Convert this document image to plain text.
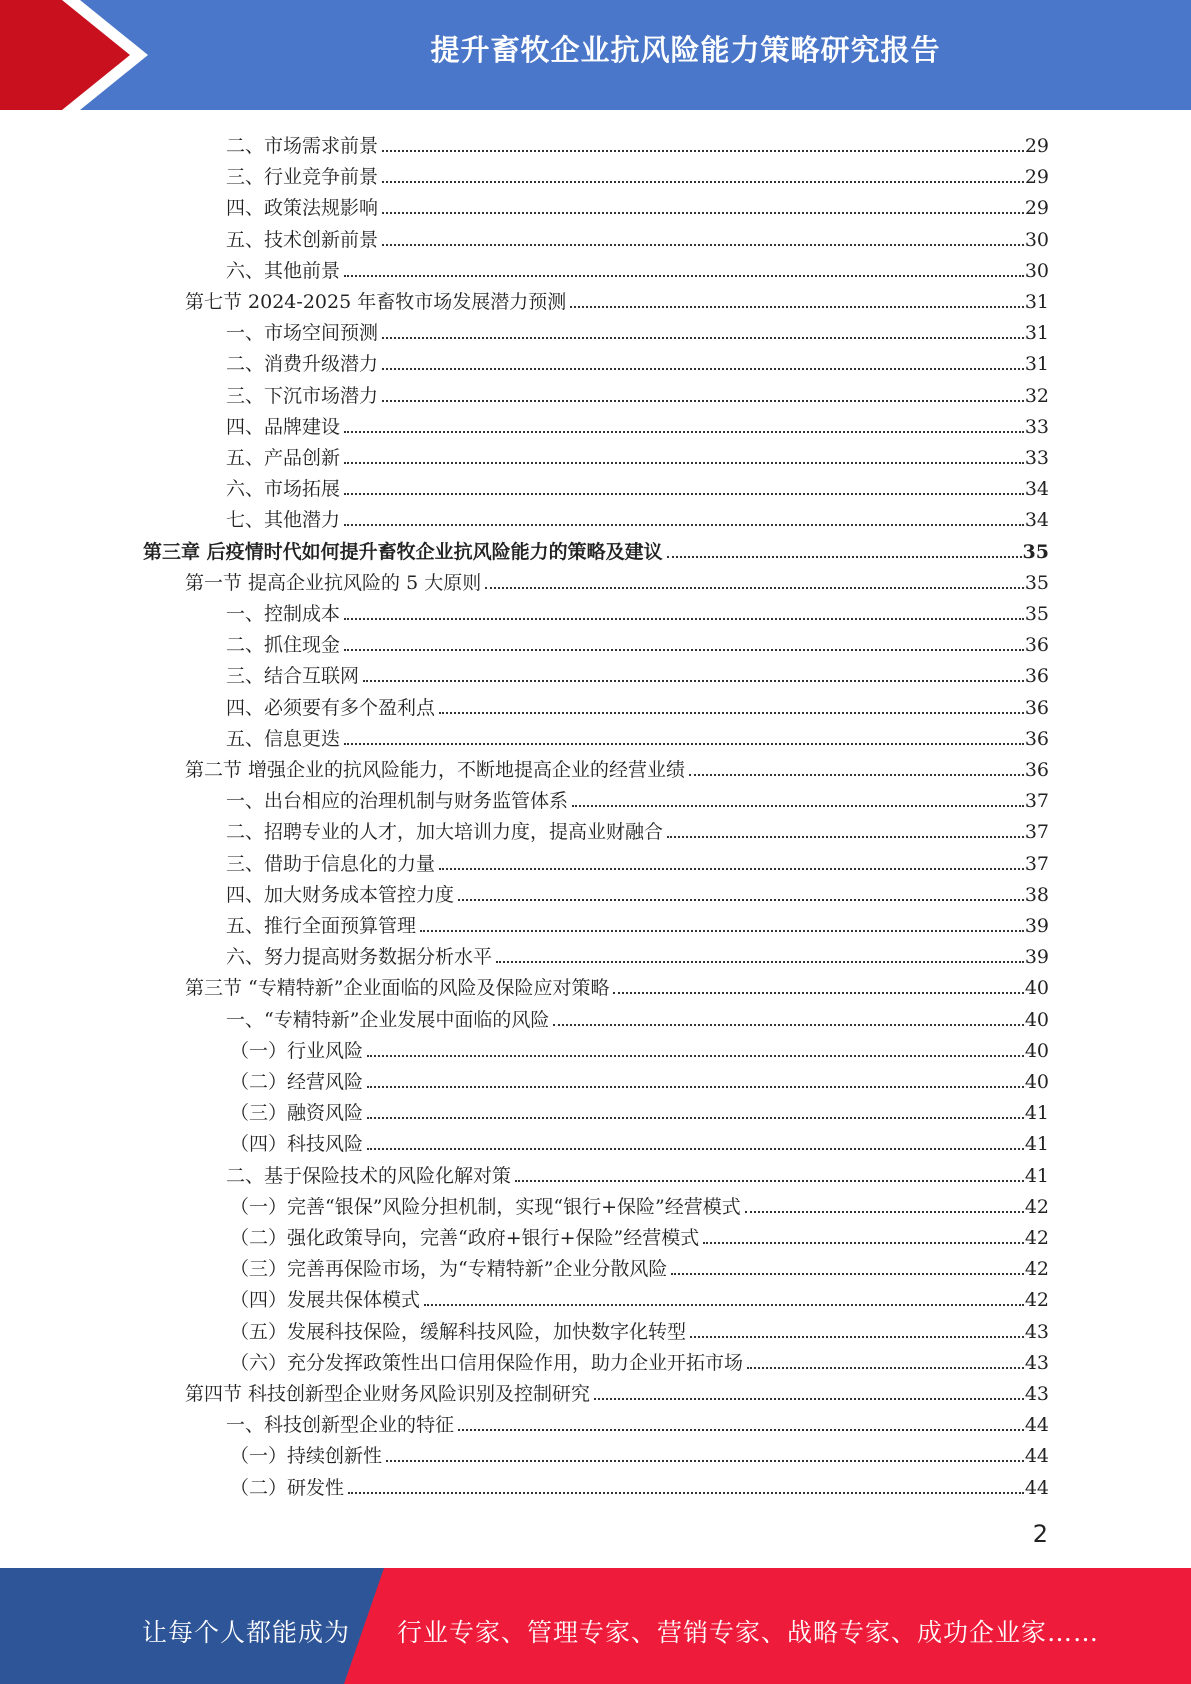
提升畜牧企业抗风险能力策略研究报告
二、市场需求前景	29
三、行业竞争前景	29
四、政策法规影响	29
五、技术创新前景	30
六、其他前景	30
第七节 2024-2025 年畜牧市场发展潜力预测	31
一、市场空间预测	31
二、消费升级潜力	31
三、下沉市场潜力	32
四、品牌建设	33
五、产品创新	33
六、市场拓展	34
七、其他潜力	34
第三章 后疫情时代如何提升畜牧企业抗风险能力的策略及建议	35
第一节 提高企业抗风险的 5 大原则	35
一、控制成本	35
二、抓住现金	36
三、结合互联网	36
四、必须要有多个盈利点	36
五、信息更迭	36
第二节 增强企业的抗风险能力，不断地提高企业的经营业绩	36
一、出台相应的治理机制与财务监管体系	37
二、招聘专业的人才，加大培训力度，提高业财融合	37
三、借助于信息化的力量	37
四、加大财务成本管控力度	38
五、推行全面预算管理	39
六、努力提高财务数据分析水平	39
第三节 “专精特新”企业面临的风险及保险应对策略	40
一、“专精特新”企业发展中面临的风险	40
（一）行业风险	40
（二）经营风险	40
（三）融资风险	41
（四）科技风险	41
二、基于保险技术的风险化解对策	41
（一）完善“银保”风险分担机制，实现“银行+保险”经营模式	42
（二）强化政策导向，完善“政府+银行+保险”经营模式	42
（三）完善再保险市场，为“专精特新”企业分散风险	42
（四）发展共保体模式	42
（五）发展科技保险，缓解科技风险，加快数字化转型	43
（六）充分发挥政策性出口信用保险作用，助力企业开拓市场	43
第四节 科技创新型企业财务风险识别及控制研究	43
一、科技创新型企业的特征	44
（一）持续创新性	44
（二）研发性	44
2
让每个人都能成为 行业专家、管理专家、营销专家、战略专家、成功企业家……
